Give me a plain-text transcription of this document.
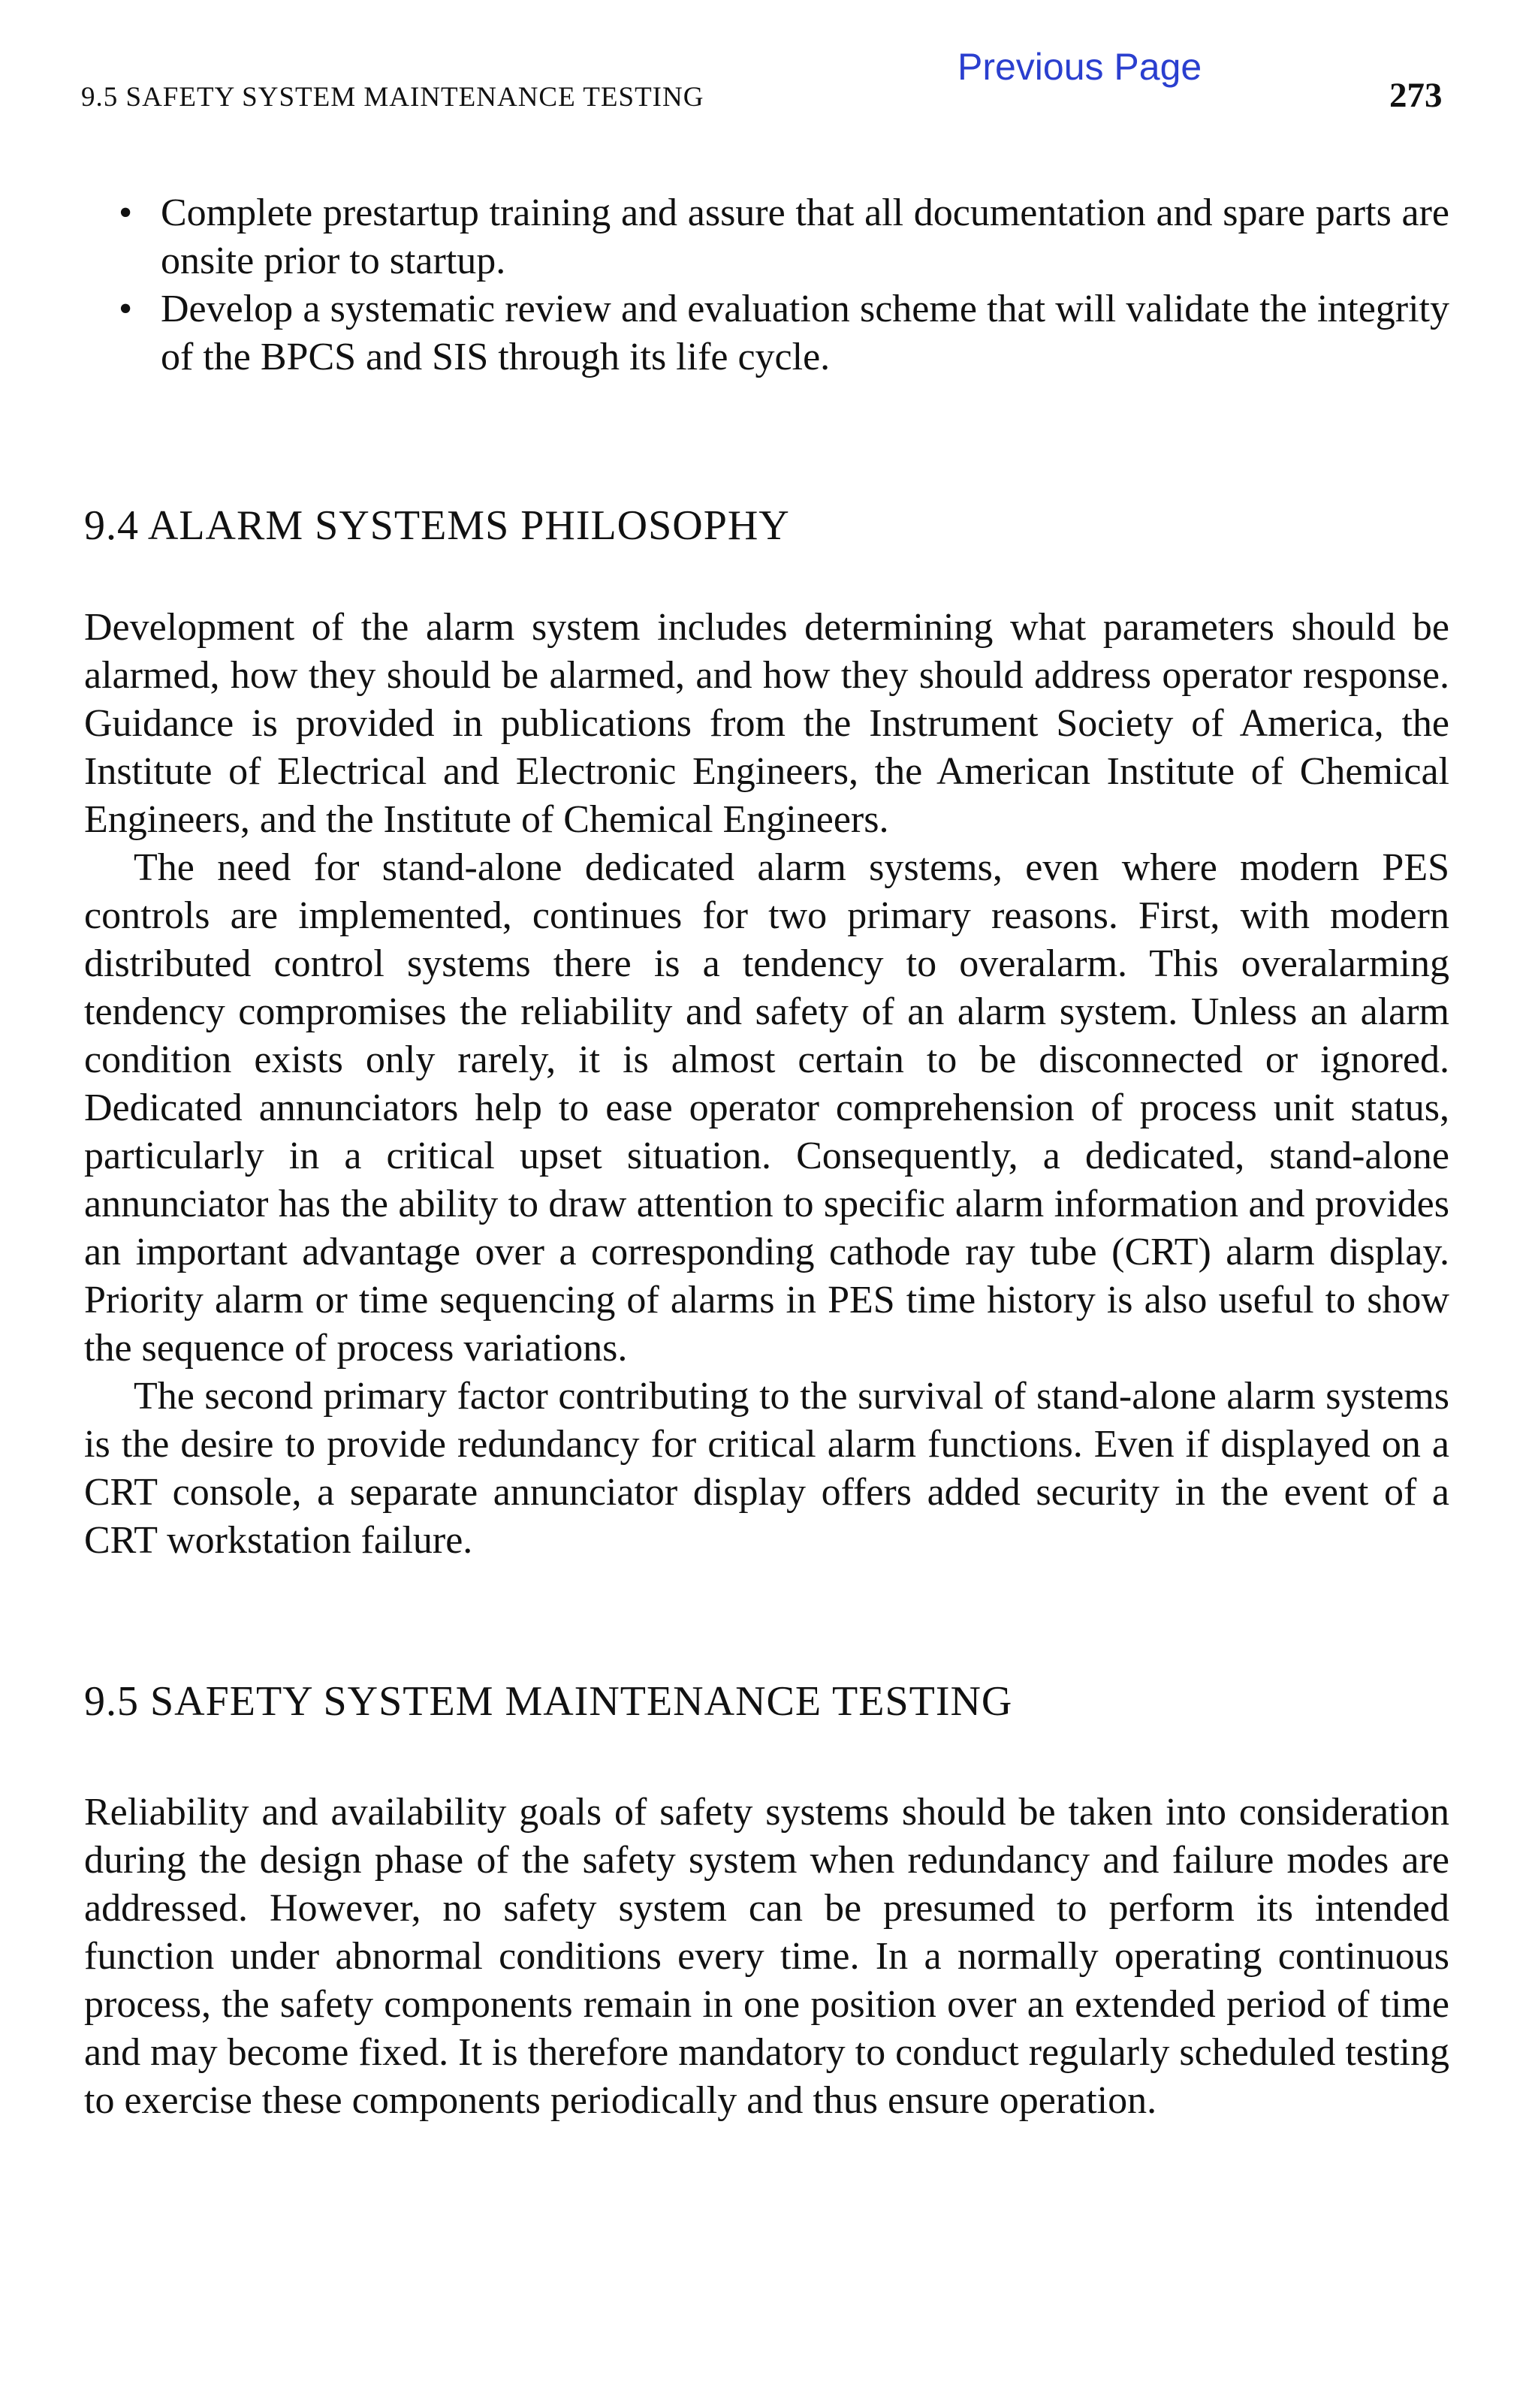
9.5 SAFETY SYSTEM MAINTENANCE TESTING
Previous Page
273
• Complete prestartup training and assure that all documentation and spare parts are onsite prior to startup.
• Develop a systematic review and evaluation scheme that will validate the integrity of the BPCS and SIS through its life cycle.
9.4 ALARM SYSTEMS PHILOSOPHY

Development of the alarm system includes determining what parameters should be alarmed, how they should be alarmed, and how they should address operator response. Guidance is provided in publications from the Instrument Society of America, the Institute of Electrical and Electronic Engineers, the American Institute of Chemical Engineers, and the Institute of Chemical Engineers.

The need for stand-alone dedicated alarm systems, even where modern PES controls are implemented, continues for two primary reasons. First, with modern distributed control systems there is a tendency to overalarm. This overalarming tendency compromises the reliability and safety of an alarm system. Unless an alarm condition exists only rarely, it is almost certain to be disconnected or ignored. Dedicated annunciators help to ease operator comprehension of process unit status, particularly in a critical upset situation. Consequently, a dedicated, stand-alone annunciator has the ability to draw attention to specific alarm information and provides an important advantage over a corresponding cathode ray tube (CRT) alarm display. Priority alarm or time sequencing of alarms in PES time history is also useful to show the sequence of process variations.

The second primary factor contributing to the survival of stand-alone alarm systems is the desire to provide redundancy for critical alarm functions. Even if displayed on a CRT console, a separate annunciator display offers added security in the event of a CRT workstation failure.

9.5 SAFETY SYSTEM MAINTENANCE TESTING

Reliability and availability goals of safety systems should be taken into consideration during the design phase of the safety system when redundancy and failure modes are addressed. However, no safety system can be presumed to perform its intended function under abnormal conditions every time. In a normally operating continuous process, the safety components remain in one position over an extended period of time and may become fixed. It is therefore mandatory to conduct regularly scheduled testing to exercise these components periodically and thus ensure operation.
